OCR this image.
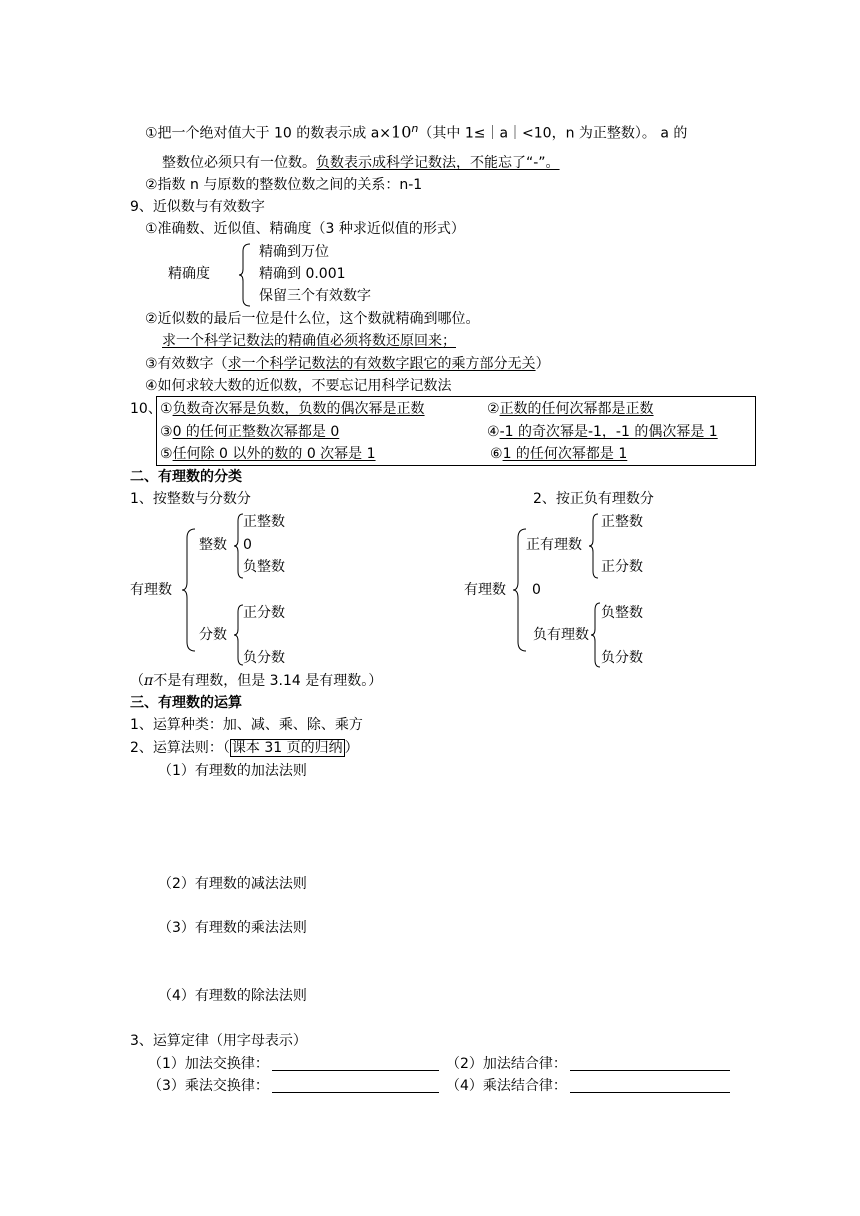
①把一个绝对值大于 10 的数表示成 $a\times 10^n$（其中 1≤｜a｜<10，n 为正整数）。 a 的
整数位必须只有一位数。负数表示成科学记数法，不能忘了“-”。
②指数 n 与原数的整数位数之间的关系：n-1
9、近似数与有效数字
①准确数、近似值、精确度（3 种求近似值的形式）
精确度
精确到万位
精确到 0.001
保留三个有效数字
②近似数的最后一位是什么位，这个数就精确到哪位。
求一个科学记数法的精确值必须将数还原回来；
③有效数字（求一个科学记数法的有效数字跟它的乘方部分无关）
④如何求较大数的近似数，不要忘记用科学记数法
10、
①负数奇次幂是负数，负数的偶次幂是正数	②正数的任何次幂都是正数
③0 的任何正整数次幂都是 0	④-1 的奇次幂是-1，-1 的偶次幂是 1
⑤任何除 0 以外的数的 0 次幂是 1	⑥1 的任何次幂都是 1
二、有理数的分类
1、按整数与分数分	2、按正负有理数分
有理数
整数
正整数
0
负整数
分数
正分数
负分数
有理数
正有理数
正整数
正分数
0
负有理数
负整数
负分数
（π不是有理数，但是 3.14 是有理数。）
三、有理数的运算
1、运算种类：加、减、乘、除、乘方
2、运算法则：（ 课本 31 页的归纳 ）
（1）有理数的加法法则
（2）有理数的减法法则
（3）有理数的乘法法则
（4）有理数的除法法则
3、运算定律（用字母表示）
（1）加法交换律：	（2）加法结合律：
（3）乘法交换律：	（4）乘法结合律：
